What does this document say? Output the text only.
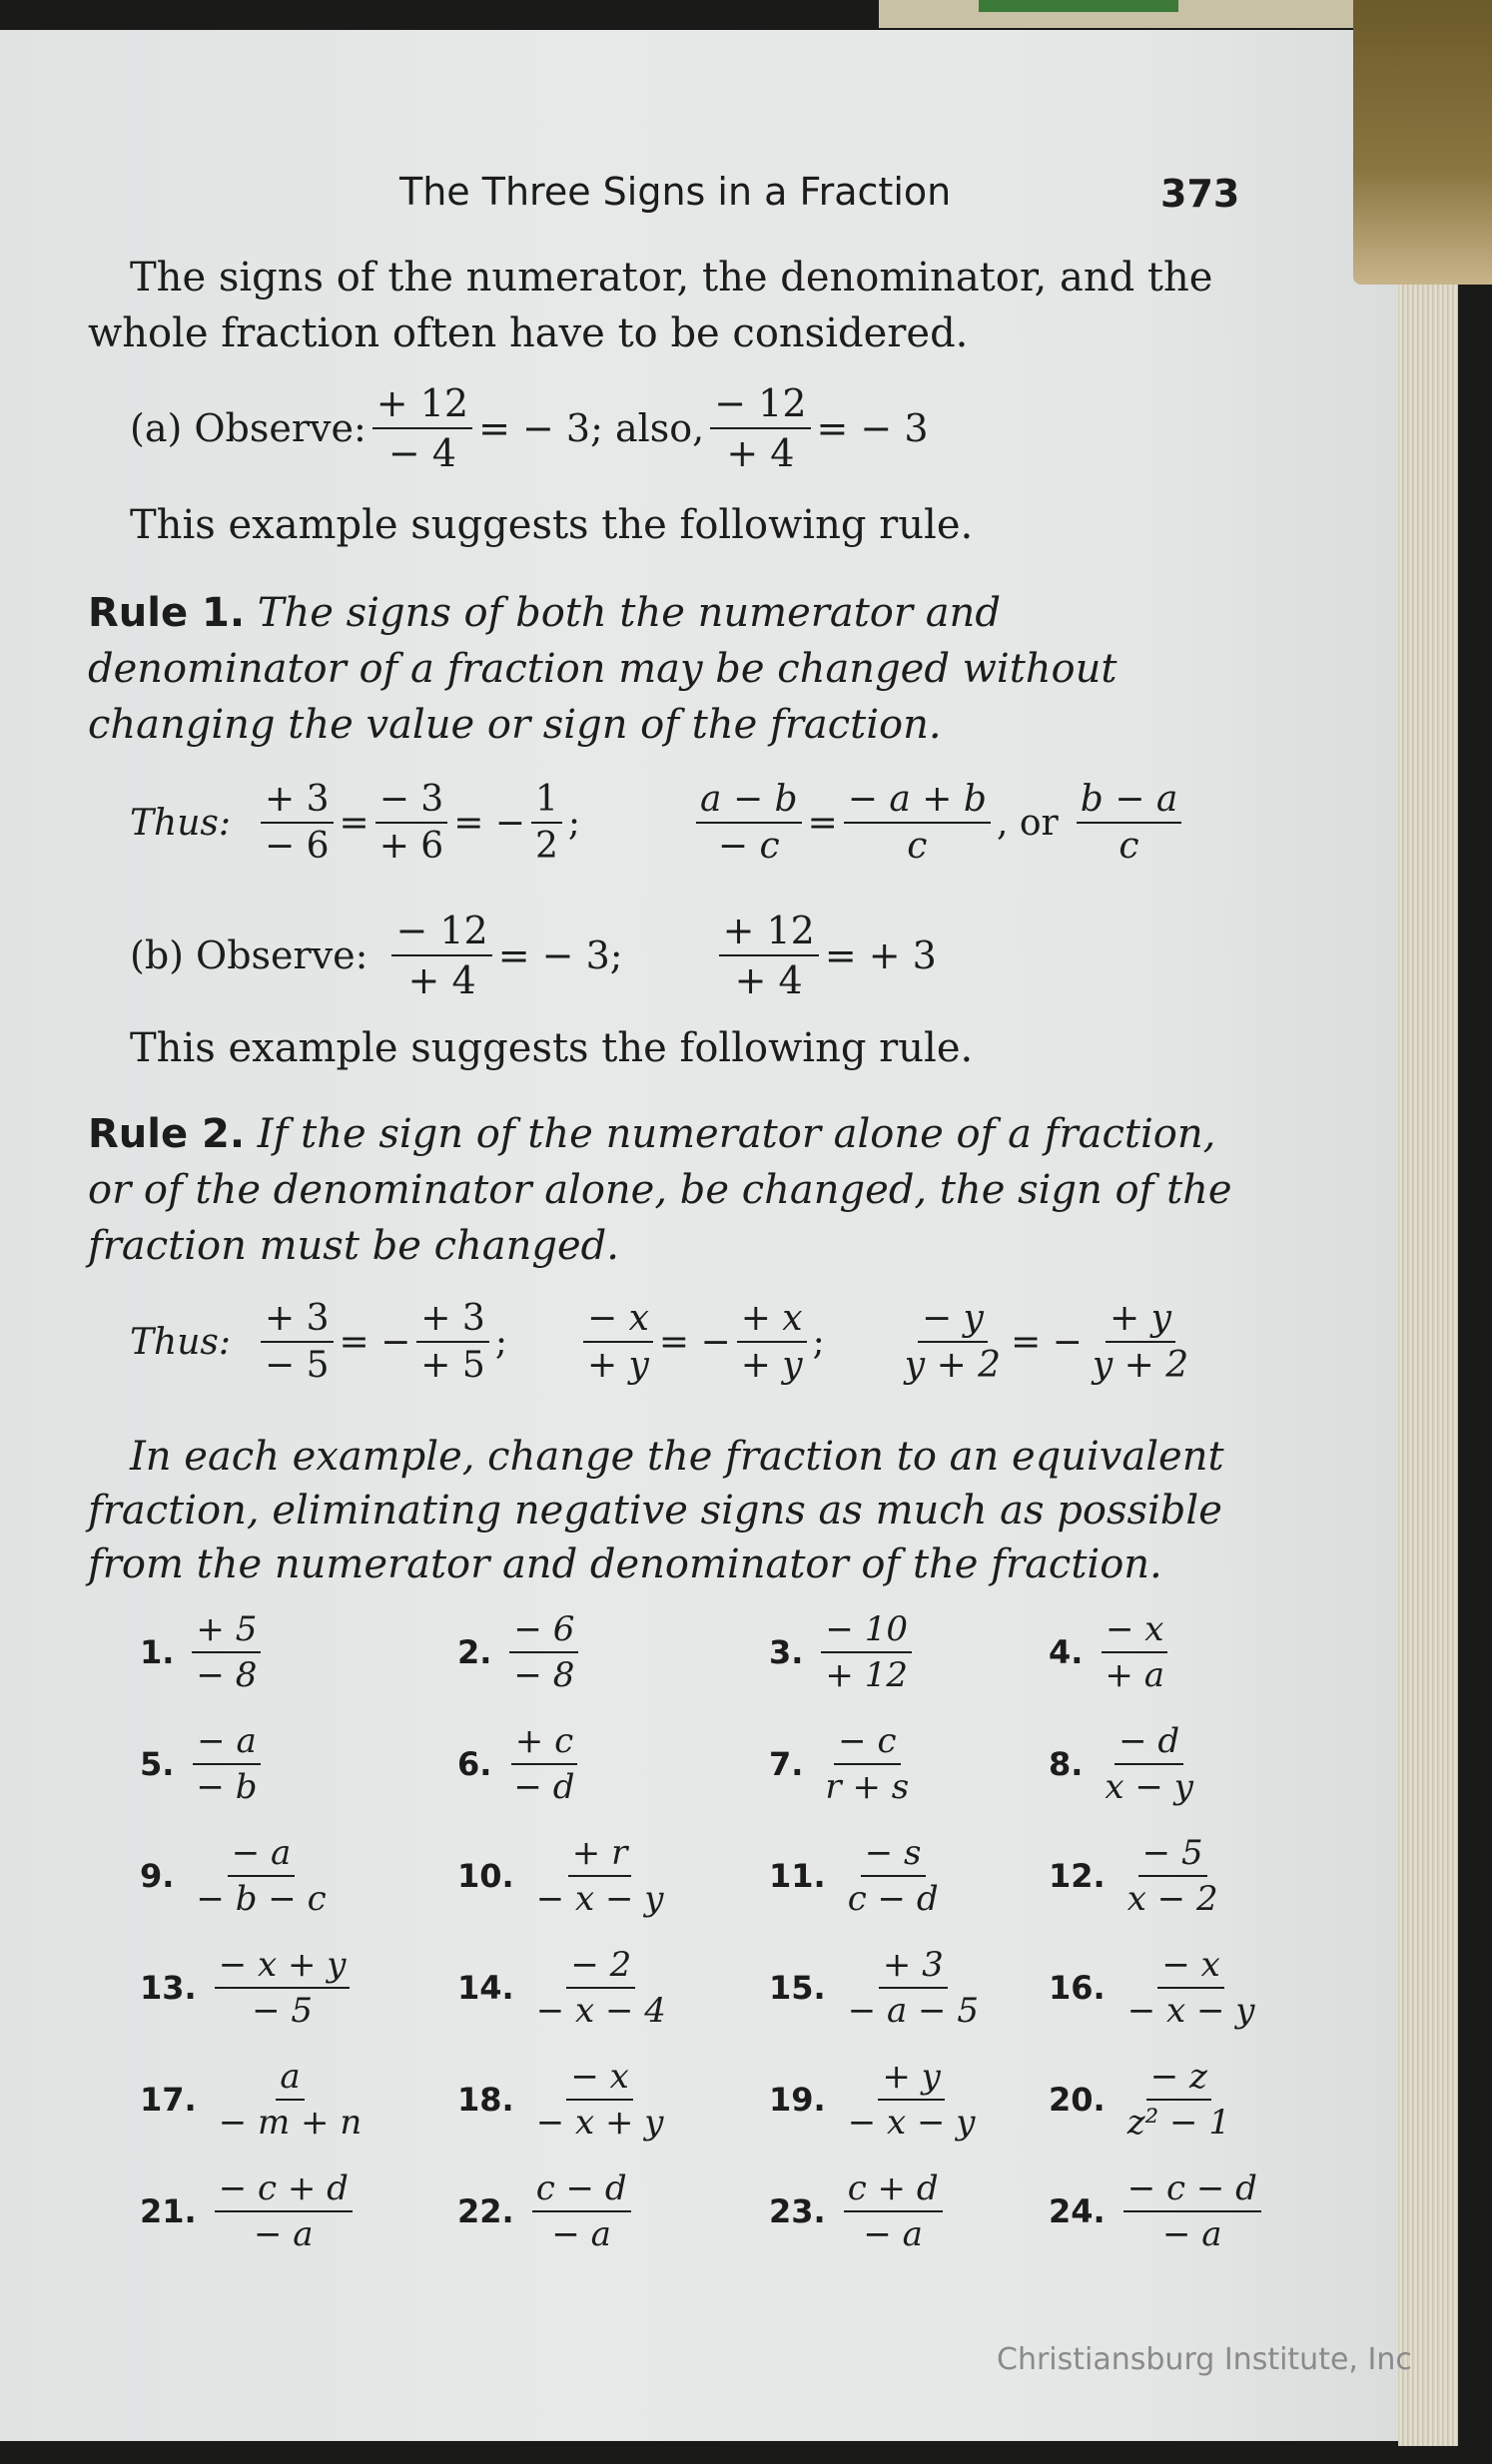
The Three Signs in a Fraction	373
The signs of the numerator, the denominator, and the whole fraction often have to be considered.
(a) Observe: $\frac{+ 12}{- 4}$ = − 3; also, $\frac{- 12}{+ 4}$ = − 3
This example suggests the following rule.
Rule 1. The signs of both the numerator and denominator of a fraction may be changed without changing the value or sign of the fraction.
Thus: $\frac{+ 3}{- 6} = \frac{- 3}{+ 6}$ = − $\frac{1}{2}$ ;	$\frac{a - b}{- c} = \frac{- a + b}{c}$ , or $\frac{b - a}{c}$
(b) Observe: $\frac{- 12}{+ 4}$ = − 3;	$\frac{+ 12}{+ 4}$ = + 3
This example suggests the following rule.
Rule 2. If the sign of the numerator alone of a fraction, or of the denominator alone, be changed, the sign of the fraction must be changed.
Thus: $\frac{+ 3}{- 5}$ = − $\frac{+ 3}{+ 5}$ ; $\frac{- x}{+ y}$ = − $\frac{+ x}{+ y}$ ; $\frac{- y}{y + 2}$ = − $\frac{+ y}{y + 2}$
In each example, change the fraction to an equivalent fraction, eliminating negative signs as much as possible from the numerator and denominator of the fraction.
1. $\frac{+ 5}{- 8}$	2. $\frac{- 6}{- 8}$	3. $\frac{- 10}{+ 12}$	4. $\frac{- x}{+ a}$
5. $\frac{- a}{- b}$	6. $\frac{+ c}{- d}$	7. $\frac{- c}{r + s}$	8. $\frac{- d}{x - y}$
9. $\frac{- a}{- b - c}$	10. $\frac{+ r}{- x - y}$	11. $\frac{- s}{c - d}$	12. $\frac{- 5}{x - 2}$
13. $\frac{- x + y}{- 5}$	14. $\frac{- 2}{- x - 4}$	15. $\frac{+ 3}{- a - 5} 16$. $\frac{- x}{- x - y}$
17. $\frac{a}{- m + n}$	18. $\frac{- x}{- x + y}$	19. $\frac{+ y}{- x - y} 20$. $\frac{- z}{\text{z² − 1}}$
21. $\frac{- c + d}{- a}$	22. $\frac{c - d}{- a}$	23. $\frac{c + d}{- a}$	24. $\frac{- c - d}{- a}$
Christiansburg Institute, Inc
